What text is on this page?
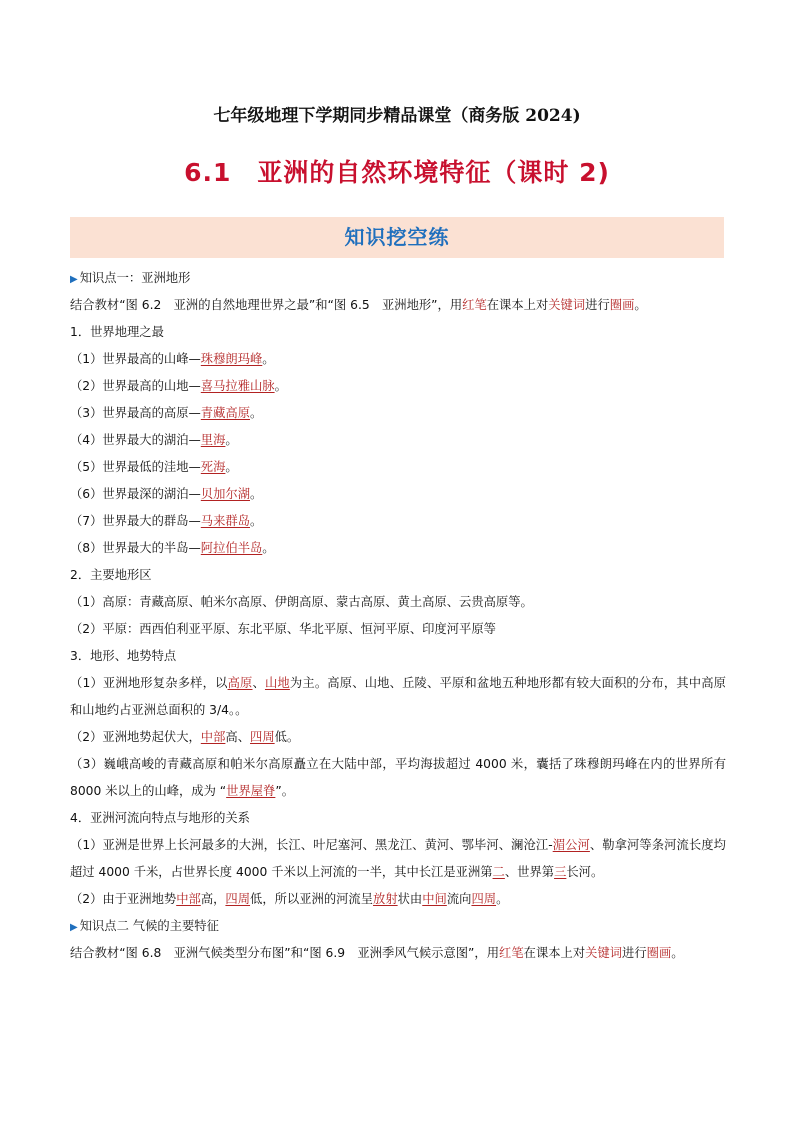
七年级地理下学期同步精品课堂（商务版 2024)
6.1 亚洲的自然环境特征（课时 2)
知识挖空练
▶ 知识点一：亚洲地形
结合教材“图 6.2　亚洲的自然地理世界之最”和“图 6.5　亚洲地形”，用红笔在课本上对关键词进行圈画。
1．世界地理之最
（1）世界最高的山峰—珠穆朗玛峰。
（2）世界最高的山地—喜马拉雅山脉。
（3）世界最高的高原—青藏高原。
（4）世界最大的湖泊—里海。
（5）世界最低的洼地—死海。
（6）世界最深的湖泊—贝加尔湖。
（7）世界最大的群岛—马来群岛。
（8）世界最大的半岛—阿拉伯半岛。
2．主要地形区
（1）高原：青藏高原、帕米尔高原、伊朗高原、蒙古高原、黄土高原、云贵高原等。
（2）平原：西西伯利亚平原、东北平原、华北平原、恒河平原、印度河平原等
3．地形、地势特点
（1）亚洲地形复杂多样，以高原、山地为主。高原、山地、丘陵、平原和盆地五种地形都有较大面积的分布，其中高原和山地约占亚洲总面积的 3/4。。
（2）亚洲地势起伏大，中部高、四周低。
（3）巍峨高峻的青藏高原和帕米尔高原矗立在大陆中部，平均海拔超过 4000 米，囊括了珠穆朗玛峰在内的世界所有 8000 米以上的山峰，成为 “世界屋脊”。
4．亚洲河流向特点与地形的关系
（1）亚洲是世界上长河最多的大洲，长江、叶尼塞河、黑龙江、黄河、鄂毕河、澜沧江-湄公河、勒拿河等条河流长度均超过 4000 千米，占世界长度 4000 千米以上河流的一半，其中长江是亚洲第二、世界第三长河。
（2）由于亚洲地势中部高，四周低，所以亚洲的河流呈放射状由中间流向四周。
▶ 知识点二 气候的主要特征
结合教材“图 6.8　亚洲气候类型分布图”和“图 6.9　亚洲季风气候示意图”，用红笔在课本上对关键词进行圈画。
